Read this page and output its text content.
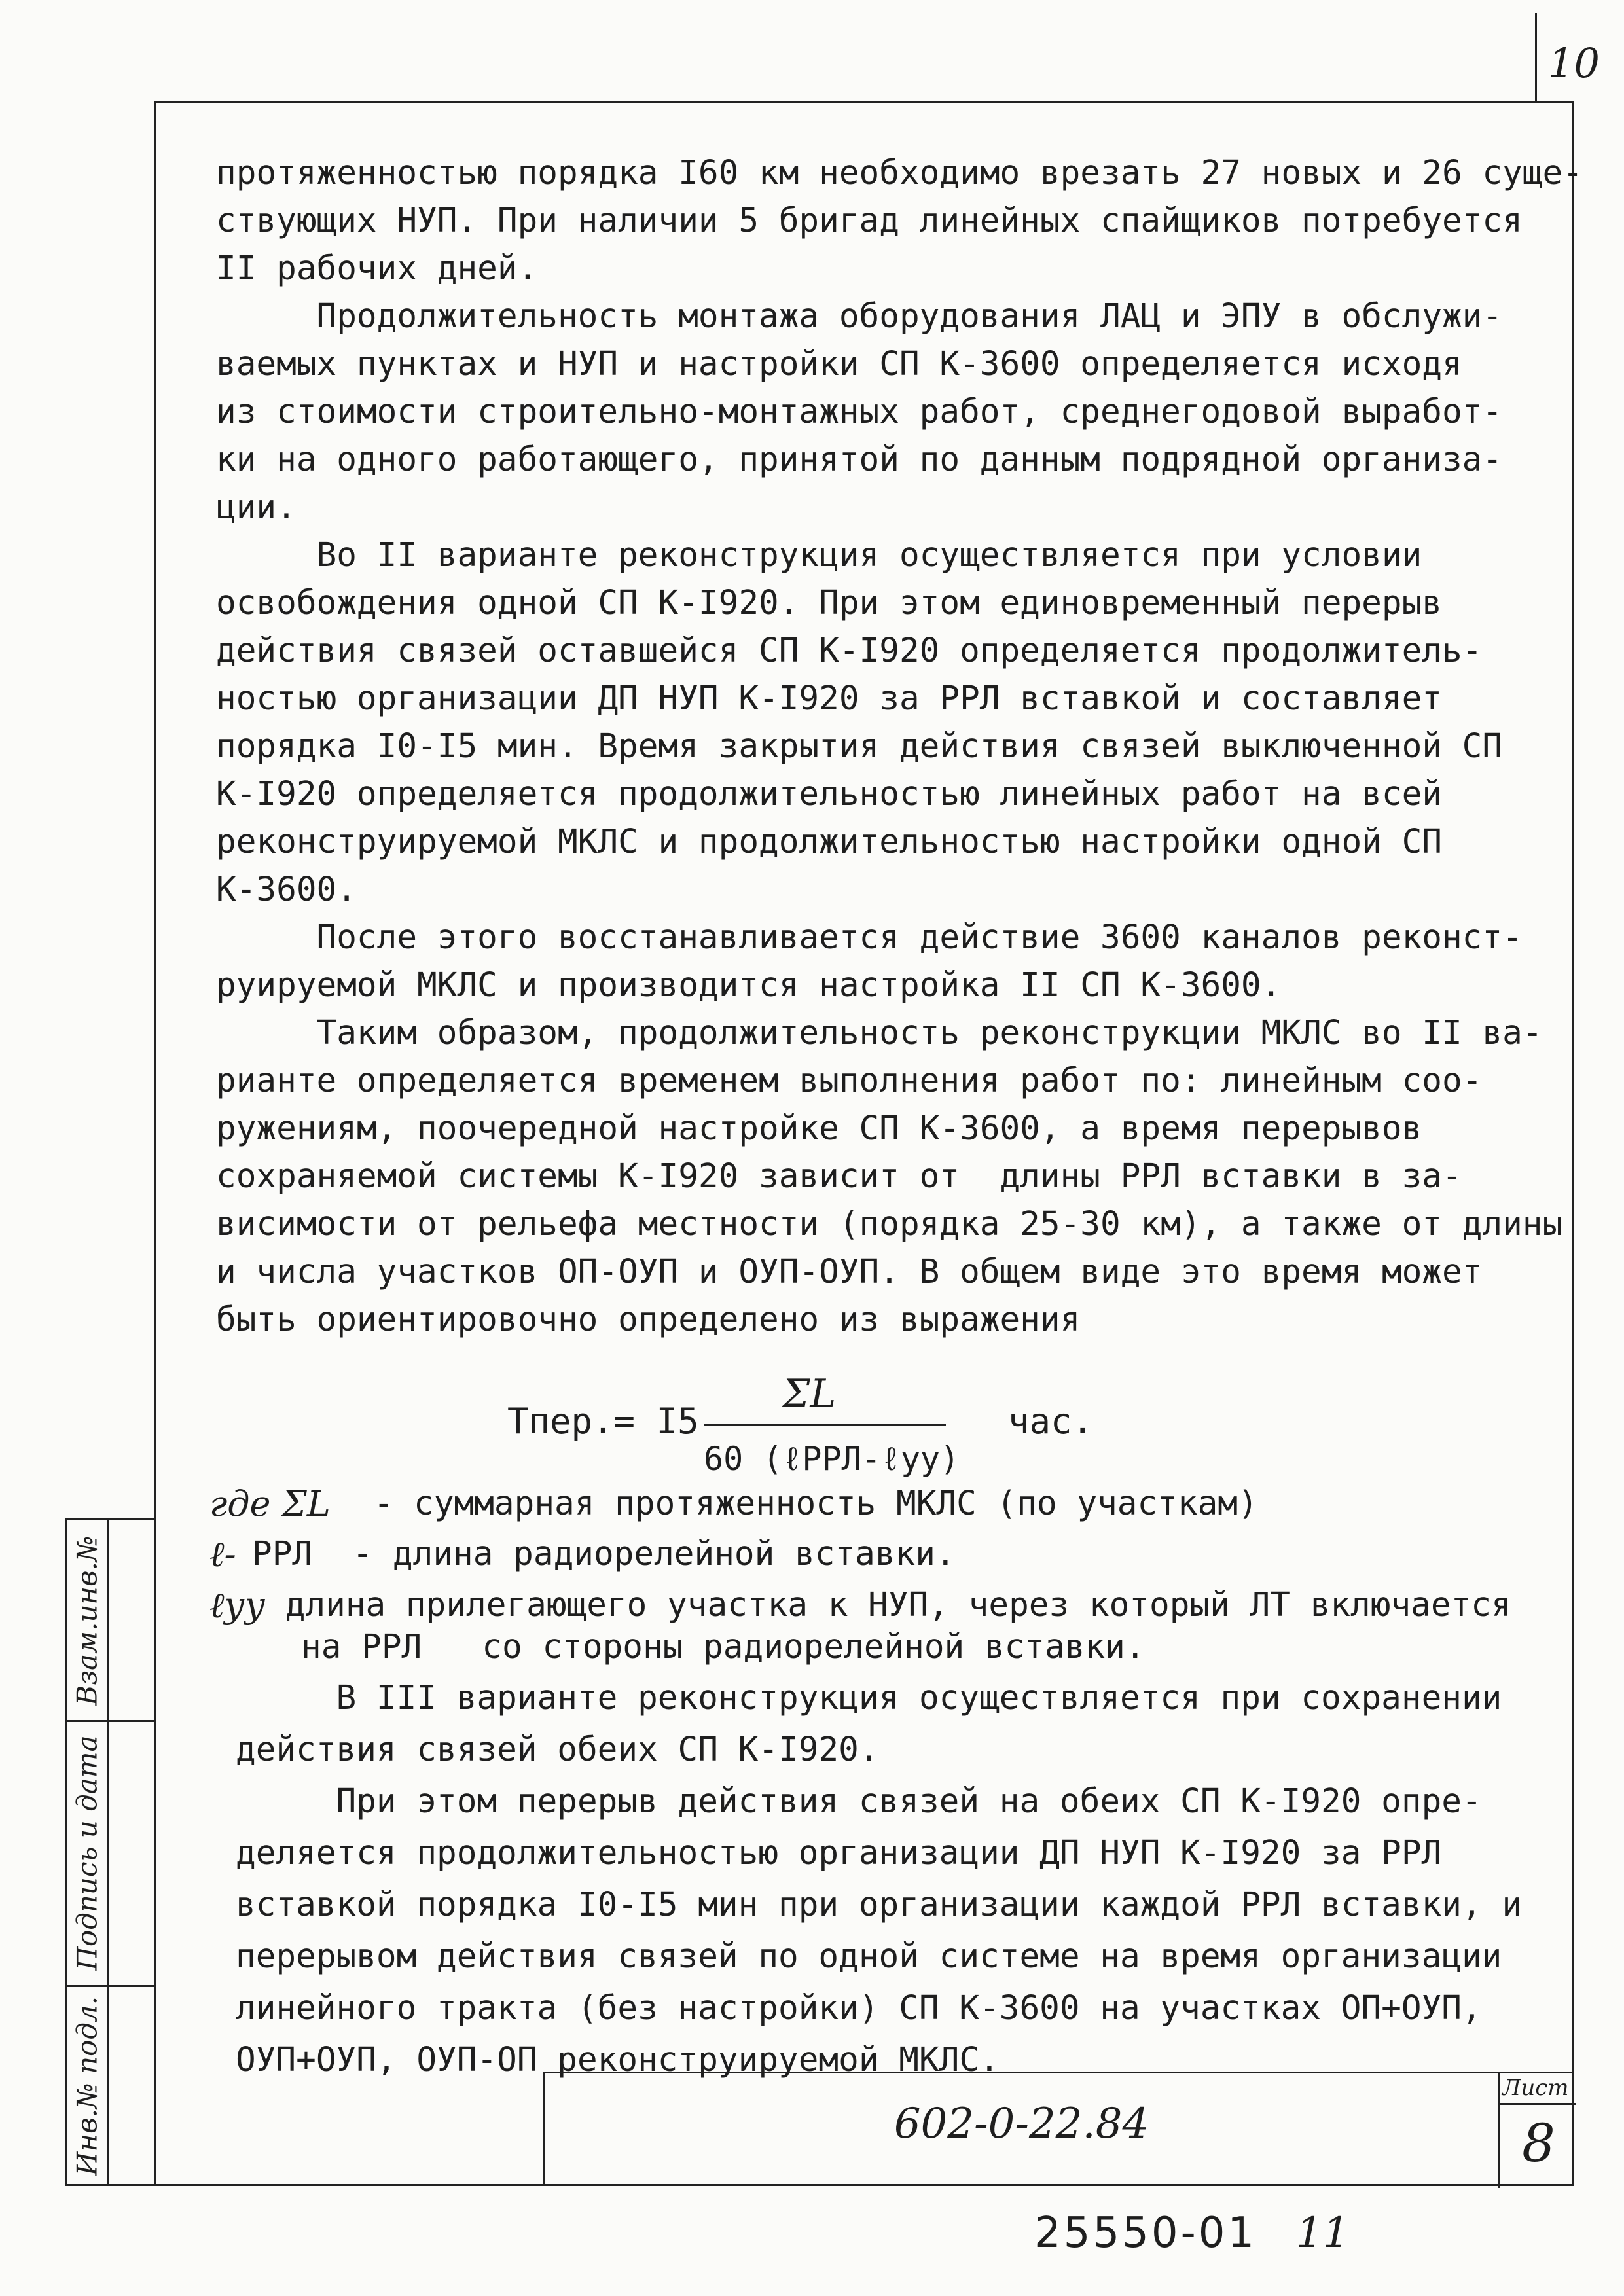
10
протяженностью порядка I60 км необходимо врезать 27 новых и 26 суще-
ствующих НУП. При наличии 5 бригад линейных спайщиков потребуется
II рабочих дней.
Продолжительность монтажа оборудования ЛАЦ и ЭПУ в обслужи-
ваемых пунктах и НУП и настройки СП К-3600 определяется исходя
из стоимости строительно-монтажных работ, среднегодовой выработ-
ки на одного работающего, принятой по данным подрядной организа-
ции.
Во II варианте реконструкция осуществляется при условии
освобождения одной СП К-I920. При этом единовременный перерыв
действия связей оставшейся СП К-I920 определяется продолжитель-
ностью организации ДП НУП К-I920 за РРЛ вставкой и составляет
порядка I0-I5 мин. Время закрытия действия связей выключенной СП
К-I920 определяется продолжительностью линейных работ на всей
реконструируемой МКЛС и продолжительностью настройки одной СП
К-3600.
После этого восстанавливается действие 3600 каналов реконст-
руируемой МКЛС и производится настройка II СП К-3600.
Таким образом, продолжительность реконструкции МКЛС во II ва-
рианте определяется временем выполнения работ по: линейным соо-
ружениям, поочередной настройке СП К-3600, а время перерывов
сохраняемой системы К-I920 зависит от  длины РРЛ вставки в за-
висимости от рельефа местности (порядка 25-30 км), а также от длины
и числа участков ОП-ОУП и ОУП-ОУП. В общем виде это время может
быть ориентировочно определено из выражения
Тпер.= I5
ΣL
60 (ℓРРЛ-ℓуу)
час.
где ΣL - суммарная протяженность МКЛС (по участкам)
ℓ- РРЛ  - длина радиорелейной вставки.
ℓуу длина прилегающего участка к НУП, через который ЛТ включается
на РРЛ   со стороны радиорелейной вставки.
В III варианте реконструкция осуществляется при сохранении
действия связей обеих СП К-I920.
При этом перерыв действия связей на обеих СП К-I920 опре-
деляется продолжительностью организации ДП НУП К-I920 за РРЛ
вставкой порядка I0-I5 мин при организации каждой РРЛ вставки, и
перерывом действия связей по одной системе на время организации
линейного тракта (без настройки) СП К-3600 на участках ОП+ОУП,
ОУП+ОУП, ОУП-ОП реконструируемой МКЛС.
Взам.инв.№
Подпись и дата
Инв.№ подл.	602-0-22.84
Лист
8
25550-01 11
